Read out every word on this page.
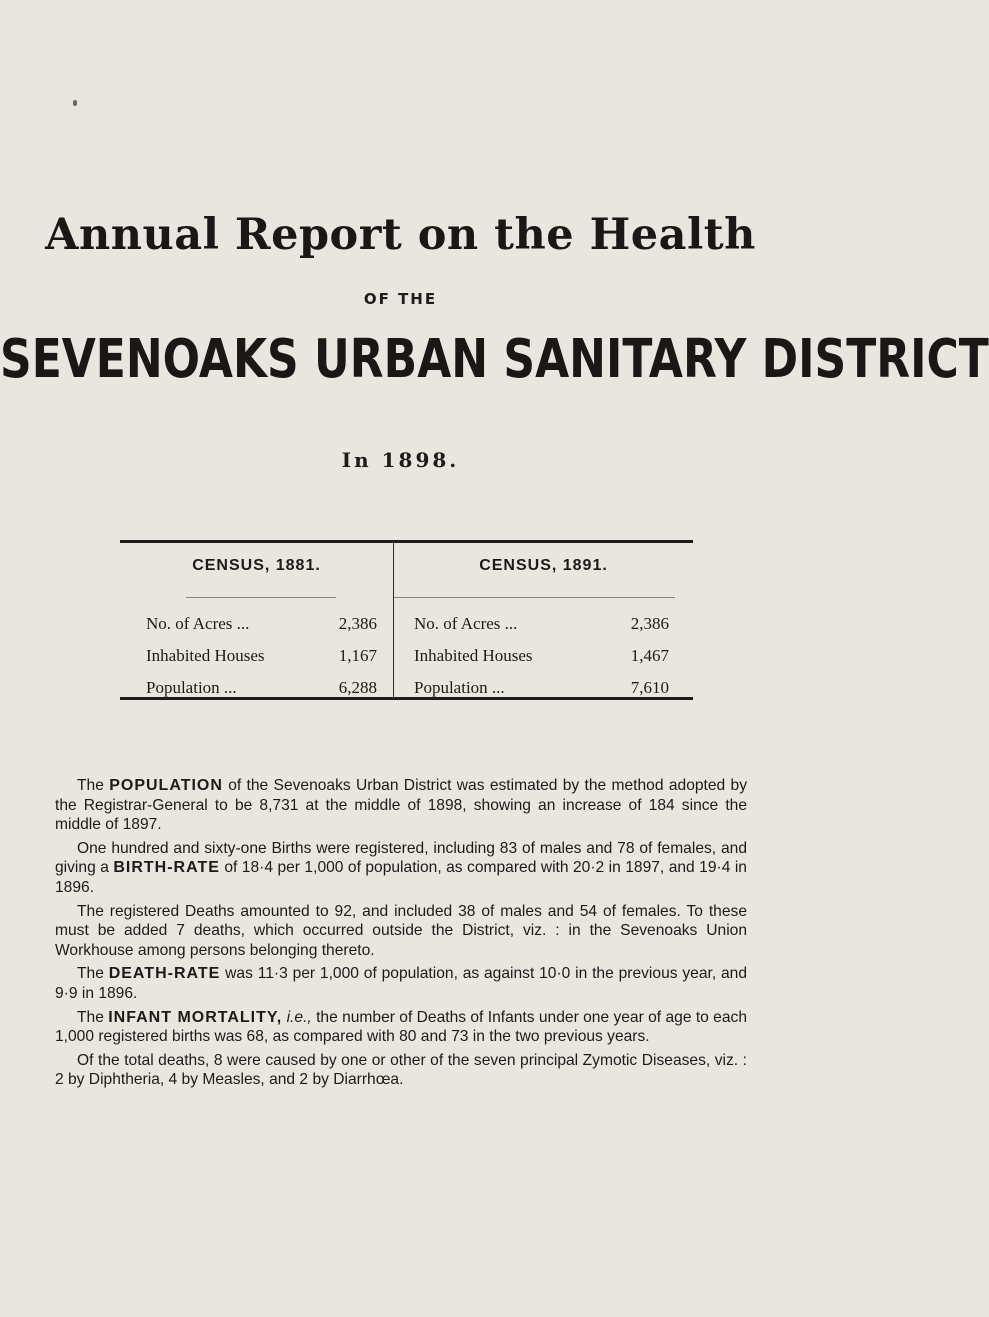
Annual Report on the Health
OF THE
SEVENOAKS URBAN SANITARY DISTRICT
In 1898.
CENSUS, 1881.
No. of Acres ...	2,386
Inhabited Houses	1,167
Population ...	6,288
CENSUS, 1891.
No. of Acres ...	2,386
Inhabited Houses	1,467
Population ...	7,610

The POPULATION of the Sevenoaks Urban District was estimated by the method adopted by the Registrar-General to be 8,731 at the middle of 1898, showing an increase of 184 since the middle of 1897.

One hundred and sixty-one Births were registered, including 83 of males and 78 of females, and giving a BIRTH-RATE of 18·4 per 1,000 of population, as compared with 20·2 in 1897, and 19·4 in 1896.

The registered Deaths amounted to 92, and included 38 of males and 54 of females. To these must be added 7 deaths, which occurred outside the District, viz. : in the Sevenoaks Union Workhouse among persons belonging thereto.

The DEATH-RATE was 11·3 per 1,000 of population, as against 10·0 in the previous year, and 9·9 in 1896.

The INFANT MORTALITY, i.e., the number of Deaths of Infants under one year of age to each 1,000 registered births was 68, as compared with 80 and 73 in the two previous years.

Of the total deaths, 8 were caused by one or other of the seven principal Zymotic Diseases, viz. : 2 by Diphtheria, 4 by Measles, and 2 by Diarrhœa.
